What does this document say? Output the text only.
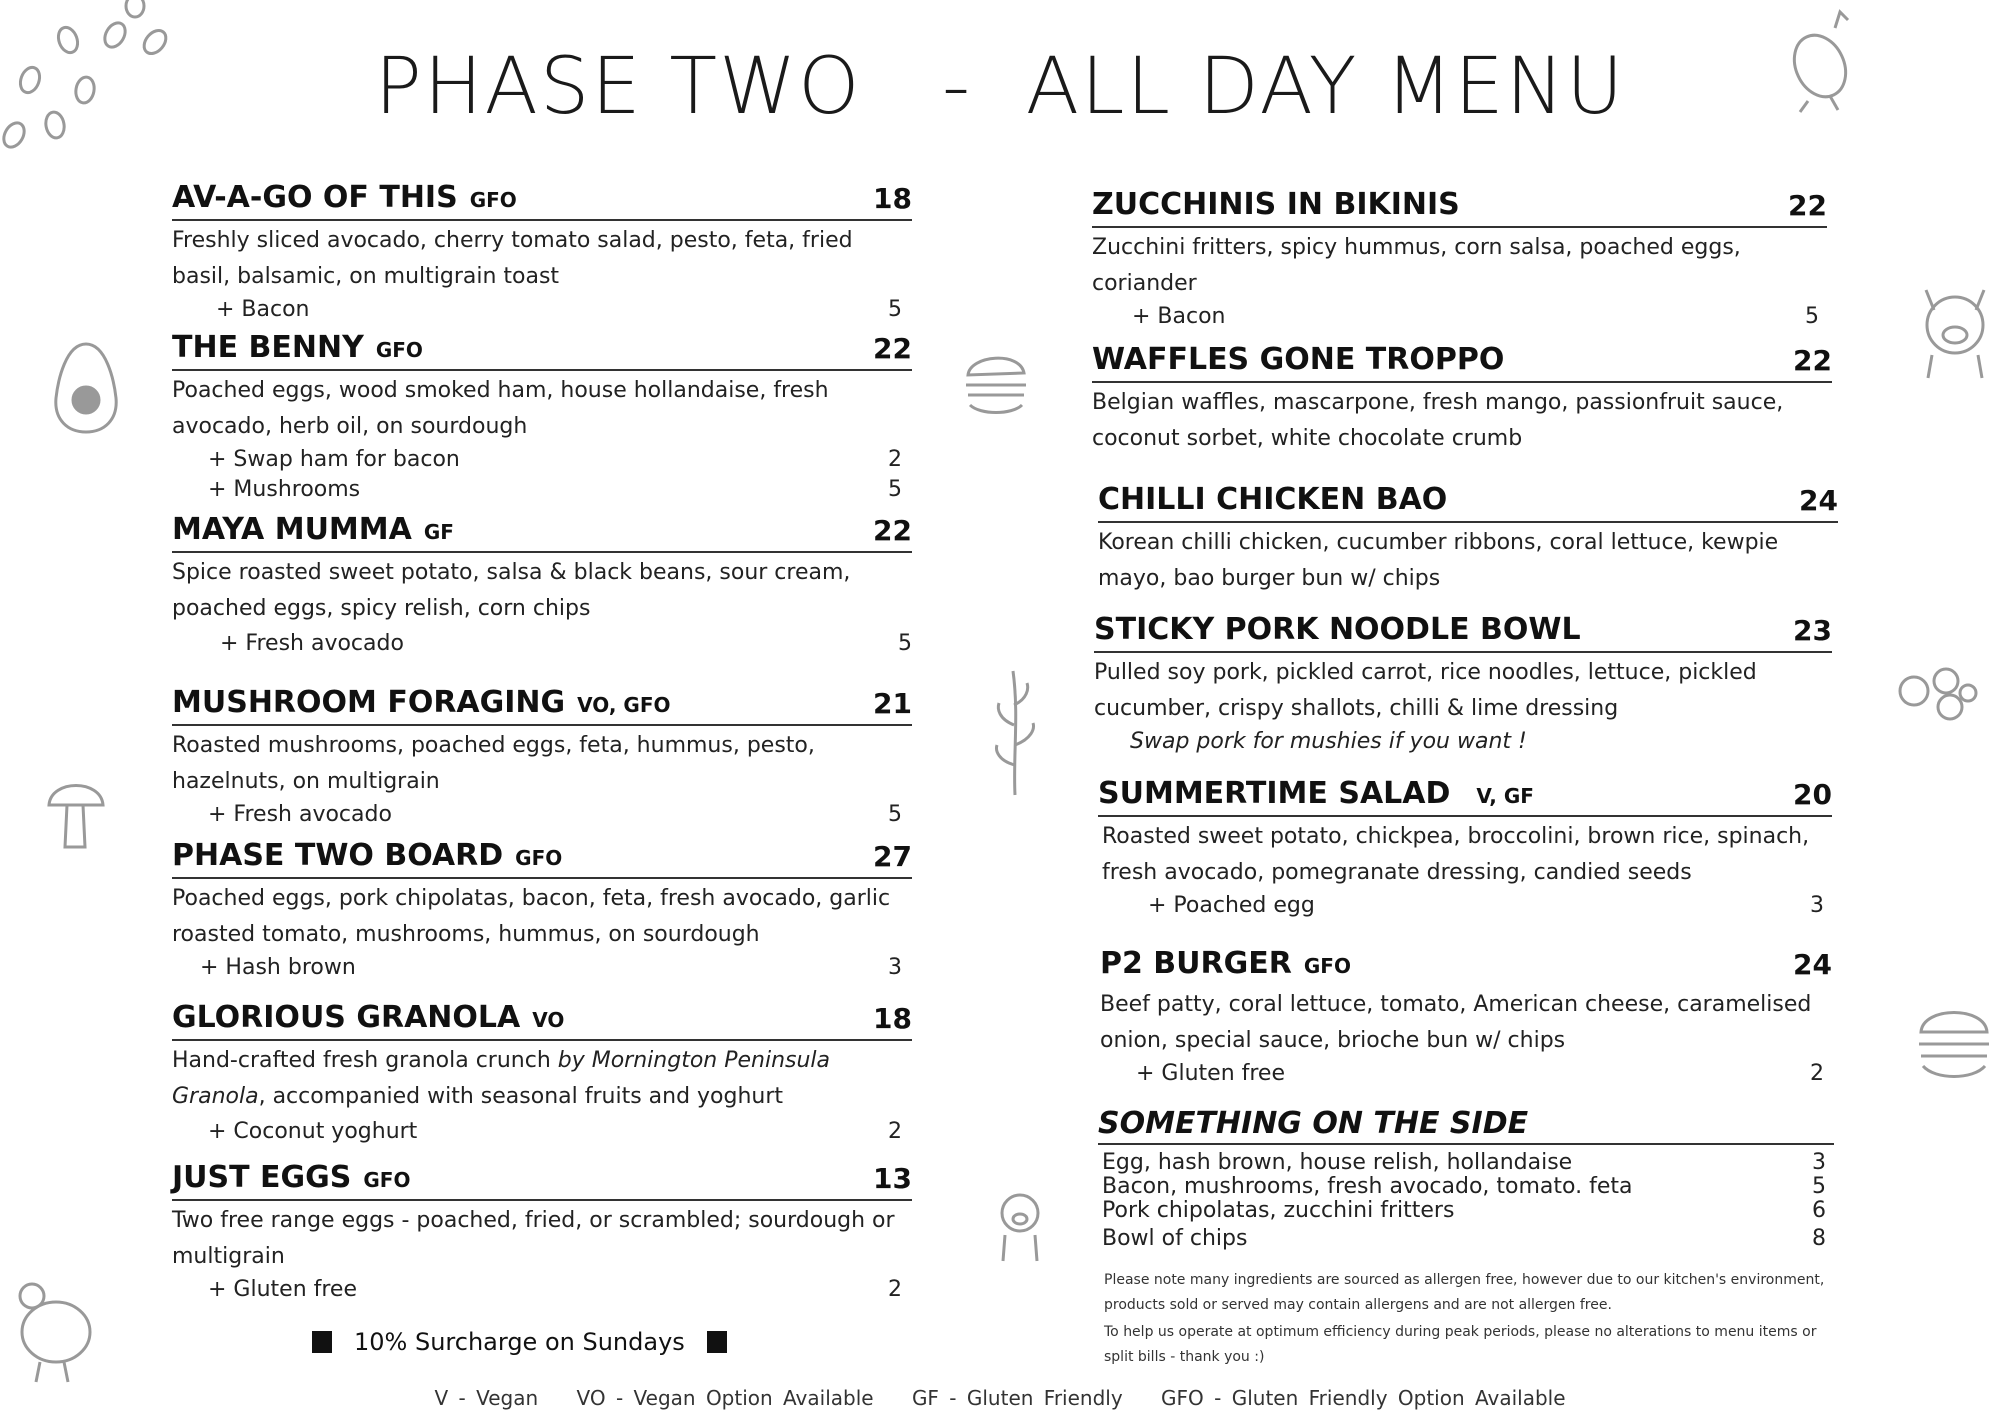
PHASE TWO   -  ALL DAY MENU
AV-A-GO OF THIS GFO	18
Freshly sliced avocado, cherry tomato salad, pesto, feta, fried basil, balsamic, on multigrain toast
+ Bacon	5
THE BENNY GFO	22
Poached eggs, wood smoked ham, house hollandaise, fresh avocado, herb oil, on sourdough
+ Swap ham for bacon	2
+ Mushrooms	5
MAYA MUMMA GF	22
Spice roasted sweet potato, salsa & black beans, sour cream, poached eggs, spicy relish, corn chips
+ Fresh avocado	5
MUSHROOM FORAGING VO, GFO	21
Roasted mushrooms, poached eggs, feta, hummus, pesto, hazelnuts, on multigrain
+ Fresh avocado	5
PHASE TWO BOARD GFO	27
Poached eggs, pork chipolatas, bacon, feta, fresh avocado, garlic roasted tomato, mushrooms, hummus, on sourdough
+ Hash brown	3
GLORIOUS GRANOLA VO	18
Hand-crafted fresh granola crunch by Mornington Peninsula Granola, accompanied with seasonal fruits and yoghurt
+ Coconut yoghurt	2
JUST EGGS GFO	13
Two free range eggs - poached, fried, or scrambled; sourdough or multigrain
+ Gluten free	2
10% Surcharge on Sundays
ZUCCHINIS IN BIKINIS	22
Zucchini fritters, spicy hummus, corn salsa, poached eggs, coriander
+ Bacon	5
WAFFLES GONE TROPPO	22
Belgian waffles, mascarpone, fresh mango, passionfruit sauce, coconut sorbet, white chocolate crumb
CHILLI CHICKEN BAO	24
Korean chilli chicken, cucumber ribbons, coral lettuce, kewpie mayo, bao burger bun w/ chips
STICKY PORK NOODLE BOWL	23
Pulled soy pork, pickled carrot, rice noodles, lettuce, pickled cucumber, crispy shallots, chilli & lime dressing
Swap pork for mushies if you want !
SUMMERTIME SALAD V, GF	20
Roasted sweet potato, chickpea, broccolini, brown rice, spinach, fresh avocado, pomegranate dressing, candied seeds
+ Poached egg	3
P2 BURGER GFO	24
Beef patty, coral lettuce, tomato, American cheese, caramelised onion, special sauce, brioche bun w/ chips
+ Gluten free	2
SOMETHING ON THE SIDE
Egg, hash brown, house relish, hollandaise	3
Bacon, mushrooms, fresh avocado, tomato. feta	5
Pork chipolatas, zucchini fritters	6
Bowl of chips	8
Please note many ingredients are sourced as allergen free, however due to our kitchen's environment, products sold or served may contain allergens and are not allergen free.
To help us operate at optimum efficiency during peak periods, please no alterations to menu items or split bills - thank you :)
V - Vegan VO - Vegan Option Available GF - Gluten Friendly GFO - Gluten Friendly Option Available
